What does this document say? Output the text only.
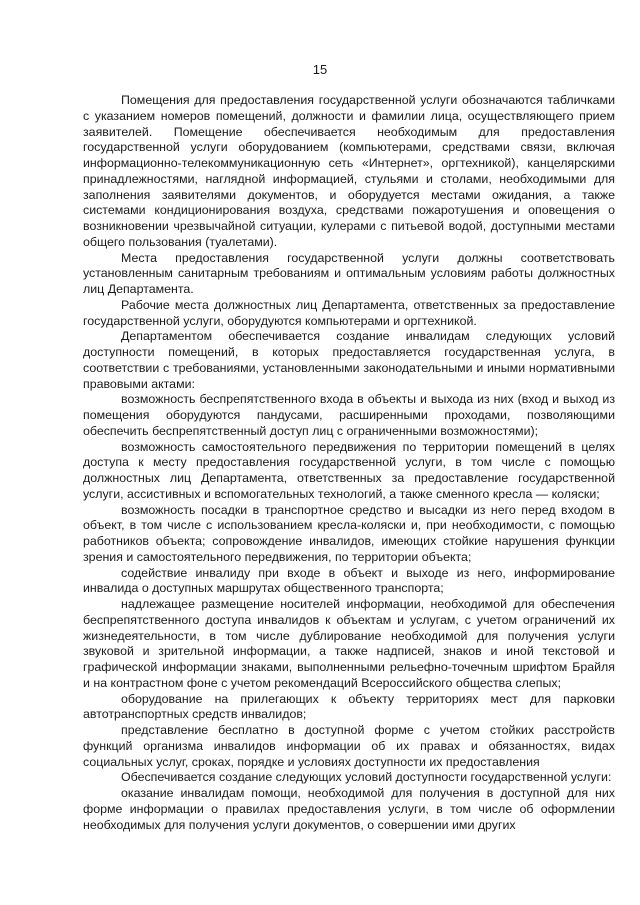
15

Помещения для предоставления государственной услуги обозначаются табличками с указанием номеров помещений, должности и фамилии лица, осуществляющего прием заявителей. Помещение обеспечивается необходимым для предоставления государственной услуги оборудованием (компьютерами, средствами связи, включая информационно-телекоммуникационную сеть «Интернет», оргтехникой), канцелярскими принадлежностями, наглядной информацией, стульями и столами, необходимыми для заполнения заявителями документов, и оборудуется местами ожидания, а также системами кондиционирования воздуха, средствами пожаротушения и оповещения о возникновении чрезвычайной ситуации, кулерами с питьевой водой, доступными местами общего пользования (туалетами).

Места предоставления государственной услуги должны соответствовать установленным санитарным требованиям и оптимальным условиям работы должностных лиц Департамента.

Рабочие места должностных лиц Департамента, ответственных за предоставление государственной услуги, оборудуются компьютерами и оргтехникой.

Департаментом обеспечивается создание инвалидам следующих условий доступности помещений, в которых предоставляется государственная услуга, в соответствии с требованиями, установленными законодательными и иными нормативными правовыми актами:

возможность беспрепятственного входа в объекты и выхода из них (вход и выход из помещения оборудуются пандусами, расширенными проходами, позволяющими обеспечить беспрепятственный доступ лиц с ограниченными возможностями);

возможность самостоятельного передвижения по территории помещений в целях доступа к месту предоставления государственной услуги, в том числе с помощью должностных лиц Департамента, ответственных за предоставление государственной услуги, ассистивных и вспомогательных технологий, а также сменного кресла — коляски;

возможность посадки в транспортное средство и высадки из него перед входом в объект, в том числе с использованием кресла-коляски и, при необходимости, с помощью работников объекта; сопровождение инвалидов, имеющих стойкие нарушения функции зрения и самостоятельного передвижения, по территории объекта;

содействие инвалиду при входе в объект и выходе из него, информирование инвалида о доступных маршрутах общественного транспорта;

надлежащее размещение носителей информации, необходимой для обеспечения беспрепятственного доступа инвалидов к объектам и услугам, с учетом ограничений их жизнедеятельности, в том числе дублирование необходимой для получения услуги звуковой и зрительной информации, а также надписей, знаков и иной текстовой и графической информации знаками, выполненными рельефно-точечным шрифтом Брайля и на контрастном фоне с учетом рекомендаций Всероссийского общества слепых;

оборудование на прилегающих к объекту территориях мест для парковки автотранспортных средств инвалидов;

представление бесплатно в доступной форме с учетом стойких расстройств функций организма инвалидов информации об их правах и обязанностях, видах социальных услуг, сроках, порядке и условиях доступности их предоставления

Обеспечивается создание следующих условий доступности государственной услуги:

оказание инвалидам помощи, необходимой для получения в доступной для них форме информации о правилах предоставления услуги, в том числе об оформлении необходимых для получения услуги документов, о совершении ими других
